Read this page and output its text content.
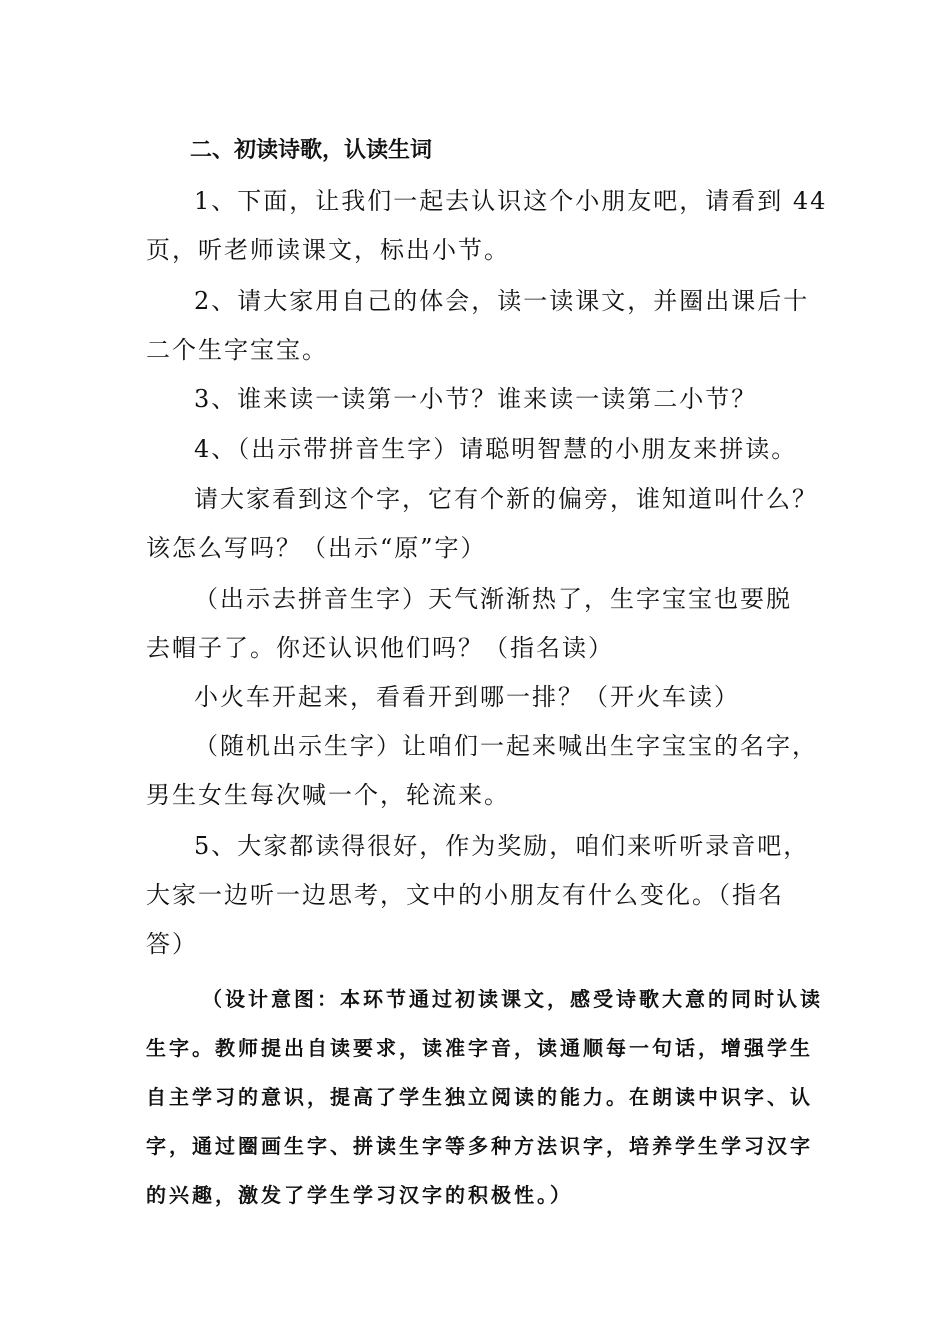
二、初读诗歌，认读生词
1、下面，让我们一起去认识这个小朋友吧，请看到 44
页，听老师读课文，标出小节。
2、请大家用自己的体会，读一读课文，并圈出课后十
二个生字宝宝。
3、谁来读一读第一小节？谁来读一读第二小节？
4、（出示带拼音生字）请聪明智慧的小朋友来拼读。
请大家看到这个字，它有个新的偏旁，谁知道叫什么？
该怎么写吗？（出示“原”字）
（出示去拼音生字）天气渐渐热了，生字宝宝也要脱
去帽子了。你还认识他们吗？（指名读）
小火车开起来，看看开到哪一排？（开火车读）
（随机出示生字）让咱们一起来喊出生字宝宝的名字，
男生女生每次喊一个，轮流来。
5、大家都读得很好，作为奖励，咱们来听听录音吧，
大家一边听一边思考，文中的小朋友有什么变化。（指名
答）
（设计意图：本环节通过初读课文，感受诗歌大意的同时认读
生字。教师提出自读要求，读准字音，读通顺每一句话，增强学生
自主学习的意识，提高了学生独立阅读的能力。在朗读中识字、认
字，通过圈画生字、拼读生字等多种方法识字，培养学生学习汉字
的兴趣，激发了学生学习汉字的积极性。）
